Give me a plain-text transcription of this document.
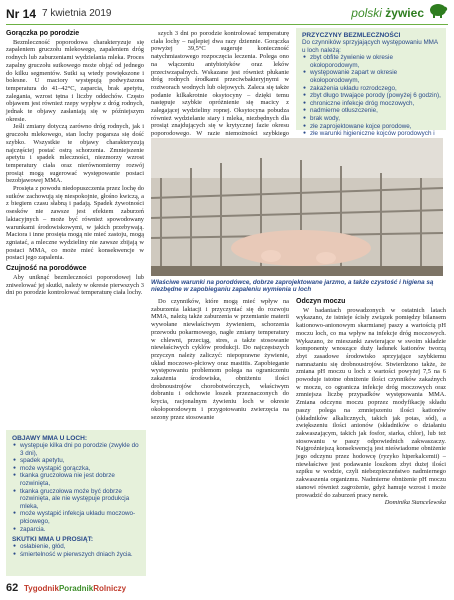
Nr 14 7 kwietnia 2019	polski żywiec
Gorączka po porodzie

Bezmleczność poporodowa charakteryzuje się zapaleniem gruczołu mlekowego, zapaleniem dróg rodnych lub zaburzeniami wydzielania mleka. Proces zapalny gruczołu sutkowego może objąć od jednego do kilku segmentów. Sutki są wtedy powiększone i bolesne. U maciory występują podwyższona temperatura do 41–42°C, zaparcia, brak apetytu, zalegania, wzrost tętna i liczby oddechów. Często objawem jest również rzepy wypływ z dróg rodnych, jednak te objawy zasłaniają się w późniejszym okresie.

Jeśli zmiany dotyczą zarówno dróg rodnych, jak i gruczołu mlekowego, stan lochy pogarsza się dość szybko. Wszystkie te objawy charakteryzują najczęściej postać ostrą schorzenia. Zmniejszenie apetytu i spadek mleczności, niezmorzy wzrost temperatury ciała oraz nierównomierny rozwój prosiąt mogą sugerować występowanie postaci bezobjawowej MMA.

Prosięta z powodu niedopuszczenia przez lochę do sutków zachowują się niespokojnie, głośno kwiczą, a z biegiem czasu słabną i padają. Spadek żywotności osesków nie zawsze jest efektem zaburzeń laktacyjnych – może być również spowodowany warunkami środowiskowymi, w jakich przebywają. Maciora i inne prosięta mogą nie mieć zastoju, mogą zgniatać, a mleczne wydzieliny nie zawsze zbijają w postaci MMA, co może mieć konsekwencje w postaci jego zapalenia.

Czujność na porodówce

Aby uniknąć bezmleczności poporodowej lub zniwelować jej skutki, należy w okresie pierwszych 3 dni po porodzie kontrolować temperaturę ciała lochy.

OBJAWY MMA U LOCH:
● występuje kilka dni po porodzie (zwykle do 3 dni),
● spadek apetytu,
● może wystąpić gorączka,
● tkanka gruczołowa nie jest dobrze rozwinięta,
● tkanka gruczołowa może być dobrze rozwinięta, ale nie występuje produkcja mleka,
● może wystąpić infekcja układu moczowo-płciowego,
● zaparcia.
SKUTKI MMA U PROSIĄT:
● osłabienie, głód,
● śmiertelność w pierwszych dniach życia.

szych 3 dni po porodzie kontrolować temperaturę ciała lochy – najlepiej dwa razy dziennie. Gorączka powyżej 39,5°C sugeruje konieczność natychmiastowego rozpoczęcia leczenia. Polega ono na włączeniu antybiotyków oraz leków przeciwzapalnych. Wskazane jest również płukanie dróg rodnych środkami przeciwbakteryjnymi w roztworach wodnych lub olejowych. Zaleca się także podanie kilkakrotnie oksytocyny – dzięki temu następuje szybkie opróżnienie się macicy z zalegającej wydzieliny ropnej. Oksytocyna pobudza również wydzielanie siary i mleka, niezbędnych dla prosiąt znajdujących się w krytycznej fazie okresu poporodowego. W razie niemożności szybkiego

PRZYCZYNY BEZMLECZNOŚCI
Do czynników sprzyjających występowaniu MMA u loch należą:
● zbyt obfite żywienie w okresie okołoporodowym,
● występowanie zapart w okresie okołoporodowym,
● zakażenia układu rozrodczego,
● zbyt długo trwające porody (powyżej 6 godzin),
● chroniczne infekcje dróg moczowych,
● nadmierne otłuszczenie,
● brak wody,
● złe zaprojektowane kojce porodowe,
● złe warunki higieniczne kojców porodowych i
Właściwe warunki na porodówce, dobrze zaprojektowane jarzmo, a także czystość i higiena są niezbędne w zapobieganiu zapaleniu wymienia u loch

Do czynników, które mogą mieć wpływ na zaburzenia laktacji i przyczyniać się do rozwoju MMA, należą także zaburzenia w przemianie materii wywołane niewłaściwym żywieniem, schorzenia przewodu pokarmowego, nagłe zmiany temperatury w chlewni, przeciąg, stres, a także stosowanie niewłaściwych cyklów produkcji. Do najczęstszych przyczyn należy zaliczyć: niepoprawne żywienie, układ moczowo-płciowy oraz mastitis. Zapobieganie występowaniu problemom polega na ograniczeniu zakażenia środowiska, obniżeniu ilości drobnoustrojów chorobotwórczych, właściwym dobraniu i odchowie loszek przeznaczonych do krycia, racjonalnym żywieniu loch w okresie okołoporodowym i przygotowaniu zwierzęcia na sezony przez stosowanie

Odczyn moczu

W badaniach prowadzonych w ostatnich latach wykazano, że istnieje ścisły związek pomiędzy bilansem kationowo-anionowym skarmianej paszy a wartością pH moczu loch, co ma wpływ na infekcje dróg moczowych. Wykazano, że mieszanki zawierające w swoim składzie komponenty wnoszące duży ładunek kationów tworzą zbyt zasadowe środowisko sprzyjające szybkiemu namnażaniu się drobnoustrojów. Stwierdzono także, że zmiana pH moczu u loch z wartości powyżej 7,5 na 6 powoduje istotne obniżenie ilości czynników zakaźnych w moczu, co ogranicza infekcje dróg moczowych oraz zmniejsza liczbę przypadków występowania MMA. Zmiana odczynu moczu poprzez modyfikację składu paszy polega na zmniejszeniu ilości kationów (składników alkalicznych, takich jak potas, sód), a zwiększeniu ilości anionów (składników o działaniu zakwaszającym, takich jak fosfor, siarka, chlor), lub też stosowaniu w paszy odpowiednich zakwaszaczy. Najgroźniejszą konsekwencją jest nieświadome obniżenie jego odczynu przez hodowcę (ryzyko hiperkalcemii) – niewłaściwe jest podawanie loszkom zbyt dużej ilości szpiku w wodzie, czyli niebezpieczeństwo nadmiernego zakwaszenia organizmu. Nadmierne obniżenie pH moczu stanowi również zagrożenie, gdyż hamuje wzrost i może prowadzić do zaburzeń pracy nerek.

Dominika Stancelewska

62 TygodnikPoradnikRolniczy
